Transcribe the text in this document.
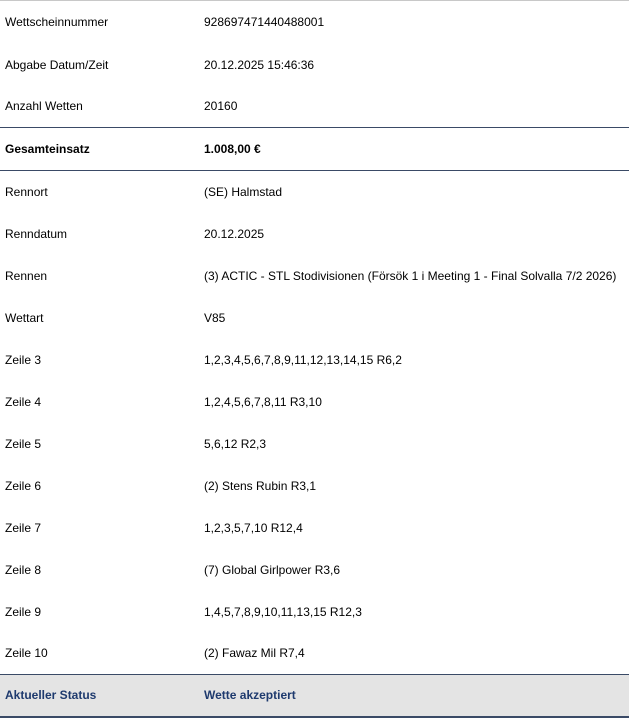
Wettscheinnummer	928697471440488001
Abgabe Datum/Zeit	20.12.2025 15:46:36
Anzahl Wetten	20160
Gesamteinsatz	1.008,00 €
Rennort	(SE) Halmstad
Renndatum	20.12.2025
Rennen	(3) ACTIC - STL Stodivisionen (Försök 1 i Meeting 1 - Final Solvalla 7/2 2026)
Wettart	V85
Zeile 3	1,2,3,4,5,6,7,8,9,11,12,13,14,15 R6,2
Zeile 4	1,2,4,5,6,7,8,11 R3,10
Zeile 5	5,6,12 R2,3
Zeile 6	(2) Stens Rubin R3,1
Zeile 7	1,2,3,5,7,10 R12,4
Zeile 8	(7) Global Girlpower R3,6
Zeile 9	1,4,5,7,8,9,10,11,13,15 R12,3
Zeile 10	(2) Fawaz Mil R7,4
Aktueller Status	Wette akzeptiert
